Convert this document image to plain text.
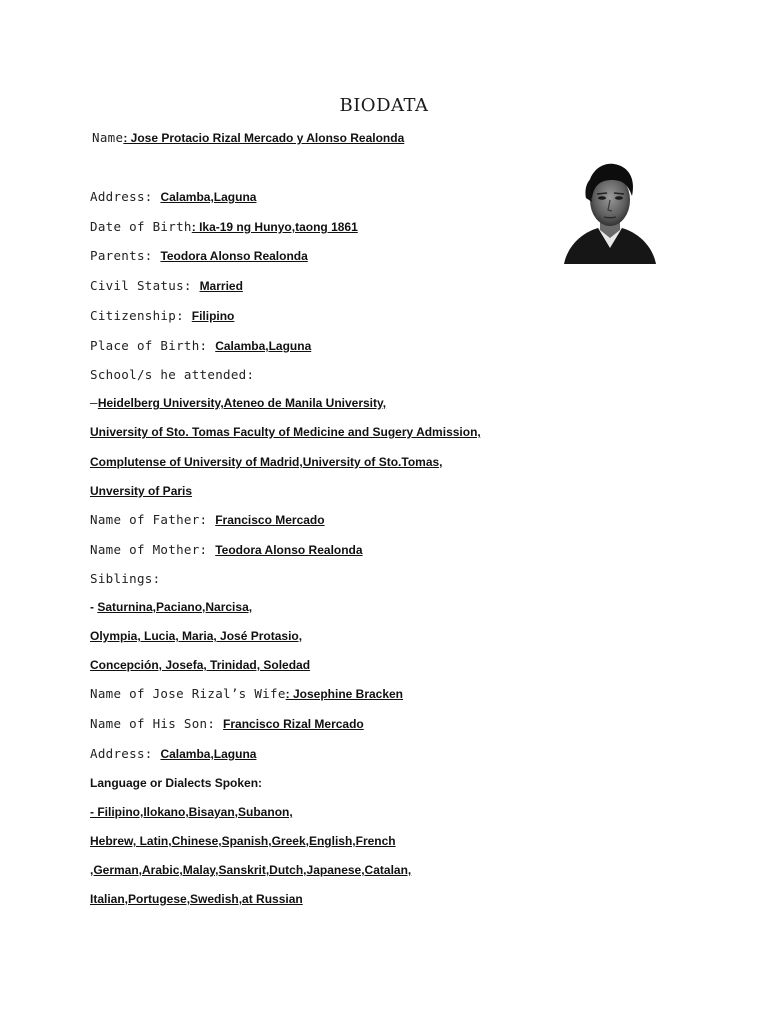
BIODATA
Name: Jose Protacio Rizal Mercado y Alonso Realonda
Address: Calamba,Laguna
Date of Birth: Ika-19 ng Hunyo,taong 1861
Parents: Teodora Alonso Realonda
Civil Status: Married
Citizenship: Filipino
Place of Birth: Calamba,Laguna
School/s he attended:
–Heidelberg University,Ateneo de Manila University,
University of Sto. Tomas Faculty of Medicine and Sugery Admission,
Complutense of University of Madrid,University of Sto.Tomas,
Unversity of Paris
Name of Father: Francisco Mercado
Name of Mother: Teodora Alonso Realonda
Siblings:
- Saturnina,Paciano,Narcisa,
Olympia, Lucia, Maria, José Protasio,
Concepción, Josefa, Trinidad, Soledad
Name of Jose Rizal’s Wife: Josephine Bracken
Name of His Son: Francisco Rizal Mercado
Address: Calamba,Laguna
Language or Dialects Spoken:
- Filipino,Ilokano,Bisayan,Subanon,
Hebrew, Latin,Chinese,Spanish,Greek,English,French
,German,Arabic,Malay,Sanskrit,Dutch,Japanese,Catalan,
Italian,Portugese,Swedish,at Russian
